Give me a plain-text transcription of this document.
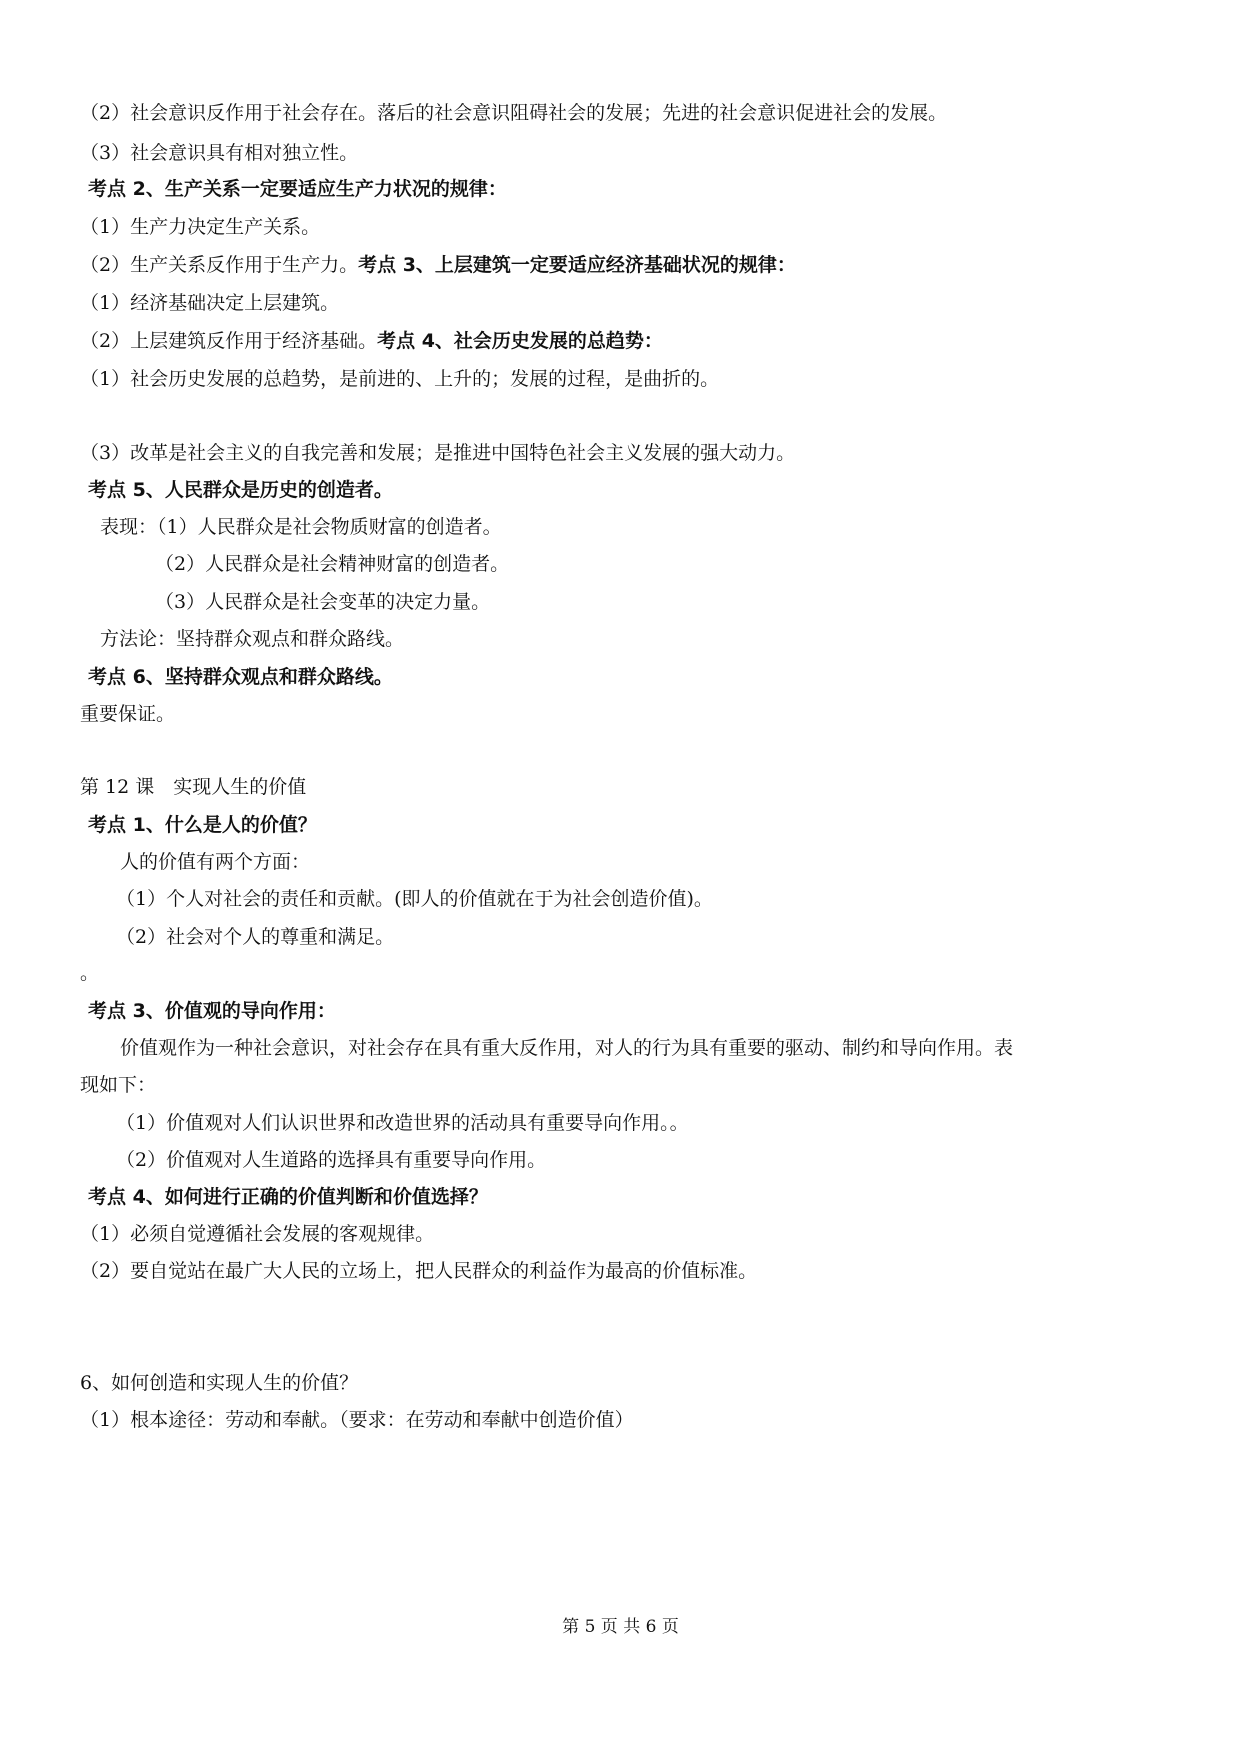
（2）社会意识反作用于社会存在。落后的社会意识阻碍社会的发展；先进的社会意识促进社会的发展。
（3）社会意识具有相对独立性。
考点 2、生产关系一定要适应生产力状况的规律：
（1）生产力决定生产关系。
（2）生产关系反作用于生产力。考点 3、上层建筑一定要适应经济基础状况的规律：
（1）经济基础决定上层建筑。
（2）上层建筑反作用于经济基础。考点 4、社会历史发展的总趋势：
（1）社会历史发展的总趋势，是前进的、上升的；发展的过程，是曲折的。
（3）改革是社会主义的自我完善和发展；是推进中国特色社会主义发展的强大动力。
考点 5、人民群众是历史的创造者。
表现：（1）人民群众是社会物质财富的创造者。
（2）人民群众是社会精神财富的创造者。
（3）人民群众是社会变革的决定力量。
方法论：坚持群众观点和群众路线。
考点 6、坚持群众观点和群众路线。
重要保证。
第 12 课　实现人生的价值
考点 1、什么是人的价值？
人的价值有两个方面：
（1）个人对社会的责任和贡献。(即人的价值就在于为社会创造价值)。
（2）社会对个人的尊重和满足。
。
考点 3、价值观的导向作用：
价值观作为一种社会意识，对社会存在具有重大反作用，对人的行为具有重要的驱动、制约和导向作用。表
现如下：
（1）价值观对人们认识世界和改造世界的活动具有重要导向作用。。
（2）价值观对人生道路的选择具有重要导向作用。
考点 4、如何进行正确的价值判断和价值选择？
（1）必须自觉遵循社会发展的客观规律。
（2）要自觉站在最广大人民的立场上，把人民群众的利益作为最高的价值标准。
6、如何创造和实现人生的价值？
（1）根本途径：劳动和奉献。（要求：在劳动和奉献中创造价值）
第 5 页 共 6 页
